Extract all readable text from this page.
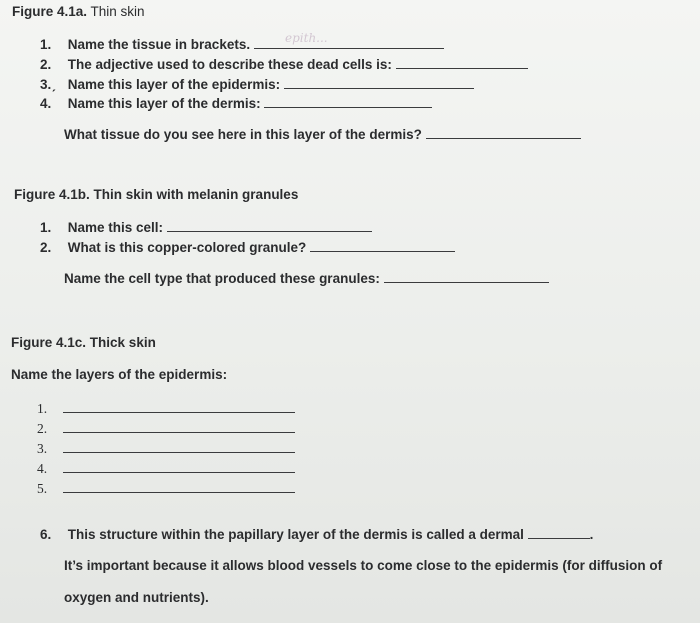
Figure 4.1a. Thin skin
1. Name the tissue in brackets.	epith...
2. The adjective used to describe these dead cells is:
3.ˏ Name this layer of the epidermis:
4. Name this layer of the dermis:
What tissue do you see here in this layer of the dermis?
Figure 4.1b. Thin skin with melanin granules
1. Name this cell:
2. What is this copper-colored granule?
Name the cell type that produced these granules:
Figure 4.1c. Thick skin
Name the layers of the epidermis:
1.
2.
3.
4.
5.
6. This structure within the papillary layer of the dermis is called a dermal	.
It’s important because it allows blood vessels to come close to the epidermis (for diffusion of
oxygen and nutrients).
